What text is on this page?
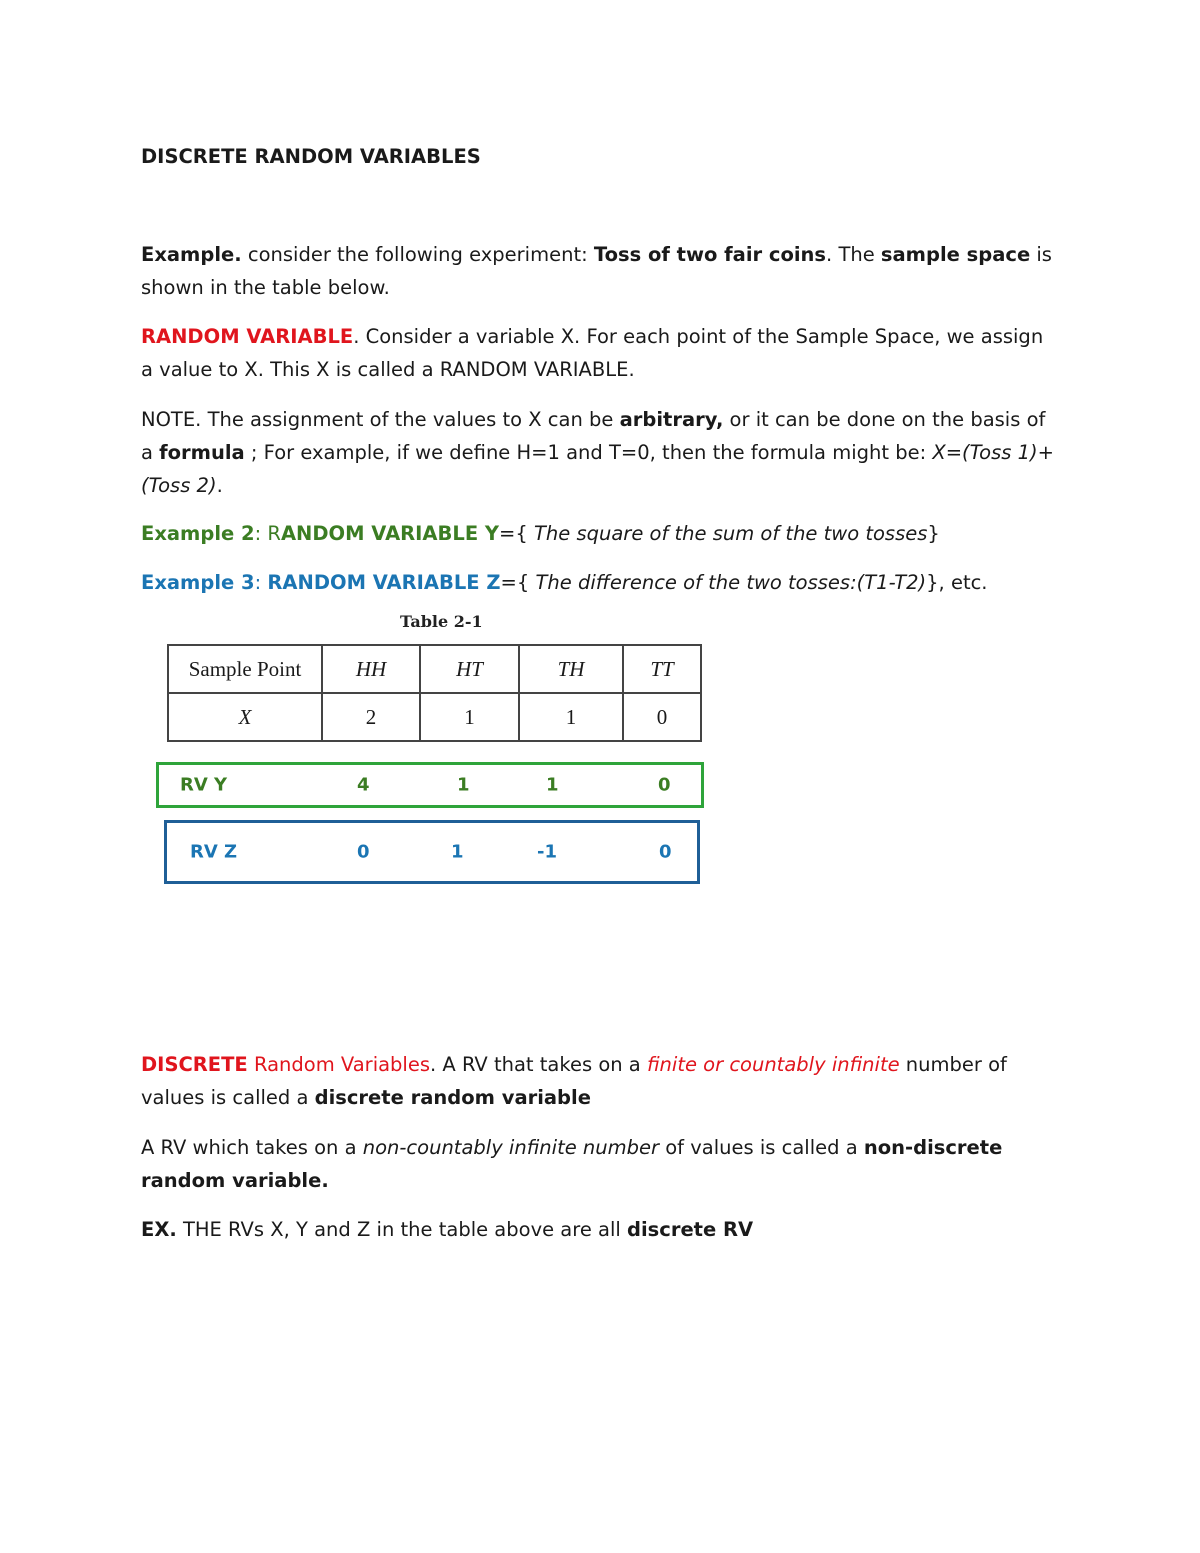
DISCRETE RANDOM VARIABLES

Example. consider the following experiment: Toss of two fair coins. The sample space is shown in the table below.

RANDOM VARIABLE. Consider a variable X. For each point of the Sample Space, we assign a value to X. This X is called a RANDOM VARIABLE.

NOTE. The assignment of the values to X can be arbitrary, or it can be done on the basis of a formula ; For example, if we define H=1 and T=0, then the formula might be: X=(Toss 1)+(Toss 2).

Example 2: RANDOM VARIABLE Y={ The square of the sum of the two tosses}

Example 3: RANDOM VARIABLE Z={ The difference of the two tosses:(T1-T2)}, etc.

Table 2-1
Sample Point	HH	HT	TH	TT
X	2	1	1	0
RV Y	4	1	1	0
RV Z	0	1	-1	0

DISCRETE Random Variables. A RV that takes on a finite or countably infinite number of values is called a discrete random variable

A RV which takes on a non-countably infinite number of values is called a non-discrete random variable.

EX. THE RVs X, Y and Z in the table above are all discrete RV
